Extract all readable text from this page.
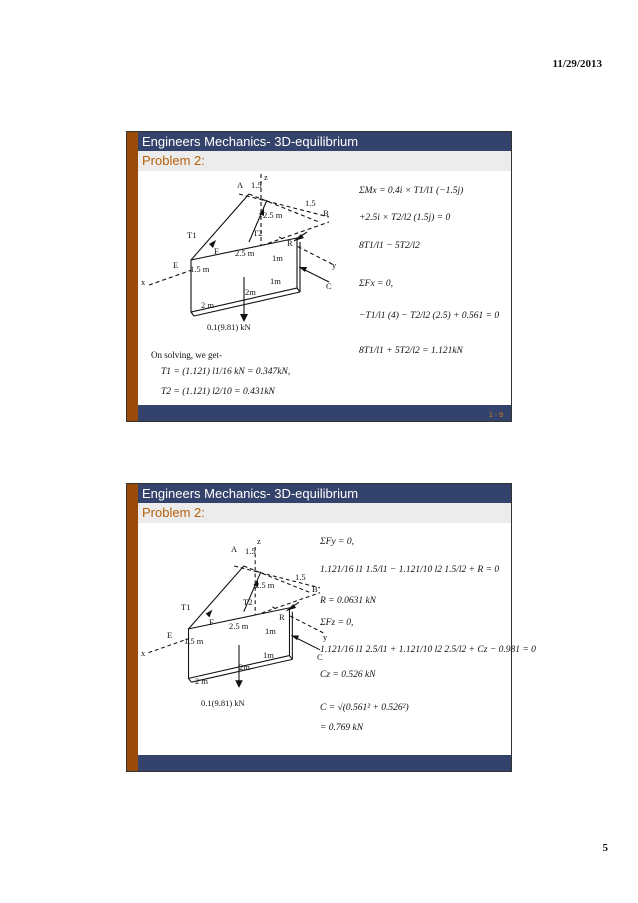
11/29/2013
Engineers Mechanics- 3D-equilibrium
Problem 2:
A
B
C
E
F
R
T1	T2
x
y
z
1.5
1.5
2.5 m
1.5 m
2.5 m 1m
1m
2 m
2m
0.1(9.81) kN
ΣMx = 0.4i × T1/l1 (−1.5j)
+2.5i × T2/l2 (1.5j) = 0
8T1/l1 − 5T2/l2
ΣFx = 0,
−T1/l1 (4) − T2/l2 (2.5) + 0.561 = 0
8T1/l1 + 5T2/l2 = 1.121kN
On solving, we get-
T1 = (1.121) l1/16 kN = 0.347kN,
T2 = (1.121) l2/10 = 0.431kN
1 - 9
Engineers Mechanics- 3D-equilibrium
Problem 2:
A
B
C
E
F	R
T1	T2
x
y
z
1.5
1.5
2.5 m
1.5 m
2.5 m 1m
1m
2 m
2m
0.1(9.81) kN
ΣFy = 0,
1.121/16 l1 1.5/l1 − 1.121/10 l2 1.5/l2 + R = 0
R = 0.0631 kN
ΣFz = 0,
1.121/16 l1 2.5/l1 + 1.121/10 l2 2.5/l2 + Cz − 0.981 = 0
Cz = 0.526 kN
C = √(0.561² + 0.526²)
= 0.769 kN
5
